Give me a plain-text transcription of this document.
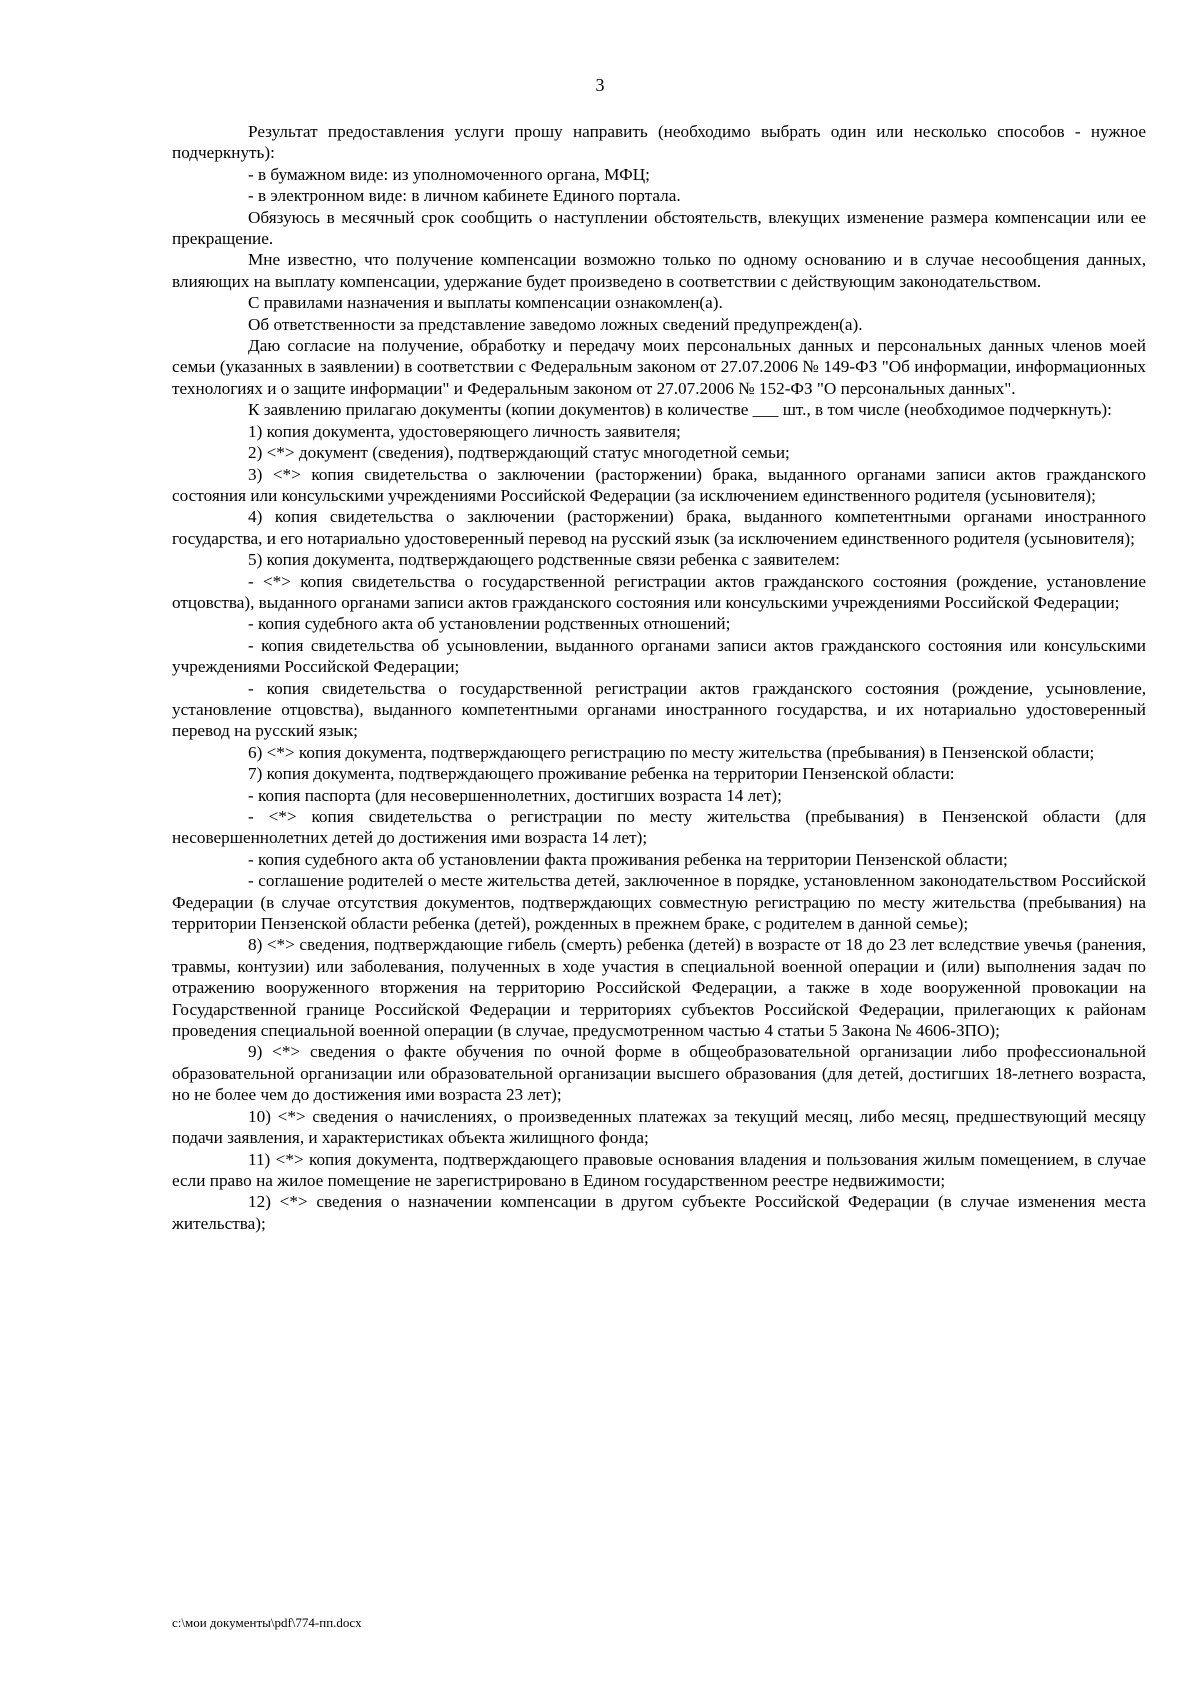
3

Результат предоставления услуги прошу направить (необходимо выбрать один или несколько способов - нужное подчеркнуть):

- в бумажном виде: из уполномоченного органа, МФЦ;

- в электронном виде: в личном кабинете Единого портала.

Обязуюсь в месячный срок сообщить о наступлении обстоятельств, влекущих изменение размера компенсации или ее прекращение.

Мне известно, что получение компенсации возможно только по одному основанию и в случае несообщения данных, влияющих на выплату компенсации, удержание будет произведено в соответствии с действующим законодательством.

С правилами назначения и выплаты компенсации ознакомлен(а).

Об ответственности за представление заведомо ложных сведений предупрежден(а).

Даю согласие на получение, обработку и передачу моих персональных данных и персональных данных членов моей семьи (указанных в заявлении) в соответствии с Федеральным законом от 27.07.2006 № 149-ФЗ "Об информации, информационных технологиях и о защите информации" и Федеральным законом от 27.07.2006 № 152-ФЗ "О персональных данных".

К заявлению прилагаю документы (копии документов) в количестве ___ шт., в том числе (необходимое подчеркнуть):

1) копия документа, удостоверяющего личность заявителя;

2) <*> документ (сведения), подтверждающий статус многодетной семьи;

3) <*> копия свидетельства о заключении (расторжении) брака, выданного органами записи актов гражданского состояния или консульскими учреждениями Российской Федерации (за исключением единственного родителя (усыновителя);

4) копия свидетельства о заключении (расторжении) брака, выданного компетентными органами иностранного государства, и его нотариально удостоверенный перевод на русский язык (за исключением единственного родителя (усыновителя);

5) копия документа, подтверждающего родственные связи ребенка с заявителем:

- <*> копия свидетельства о государственной регистрации актов гражданского состояния (рождение, установление отцовства), выданного органами записи актов гражданского состояния или консульскими учреждениями Российской Федерации;

- копия судебного акта об установлении родственных отношений;

- копия свидетельства об усыновлении, выданного органами записи актов гражданского состояния или консульскими учреждениями Российской Федерации;

- копия свидетельства о государственной регистрации актов гражданского состояния (рождение, усыновление, установление отцовства), выданного компетентными органами иностранного государства, и их нотариально удостоверенный перевод на русский язык;

6) <*> копия документа, подтверждающего регистрацию по месту жительства (пребывания) в Пензенской области;

7) копия документа, подтверждающего проживание ребенка на территории Пензенской области:

- копия паспорта (для несовершеннолетних, достигших возраста 14 лет);

- <*> копия свидетельства о регистрации по месту жительства (пребывания) в Пензенской области (для несовершеннолетних детей до достижения ими возраста 14 лет);

- копия судебного акта об установлении факта проживания ребенка на территории Пензенской области;

- соглашение родителей о месте жительства детей, заключенное в порядке, установленном законодательством Российской Федерации (в случае отсутствия документов, подтверждающих совместную регистрацию по месту жительства (пребывания) на территории Пензенской области ребенка (детей), рожденных в прежнем браке, с родителем в данной семье);

8) <*> сведения, подтверждающие гибель (смерть) ребенка (детей) в возрасте от 18 до 23 лет вследствие увечья (ранения, травмы, контузии) или заболевания, полученных в ходе участия в специальной военной операции и (или) выполнения задач по отражению вооруженного вторжения на территорию Российской Федерации, а также в ходе вооруженной провокации на Государственной границе Российской Федерации и территориях субъектов Российской Федерации, прилегающих к районам проведения специальной военной операции (в случае, предусмотренном частью 4 статьи 5 Закона № 4606-ЗПО);

9) <*> сведения о факте обучения по очной форме в общеобразовательной организации либо профессиональной образовательной организации или образовательной организации высшего образования (для детей, достигших 18-летнего возраста, но не более чем до достижения ими возраста 23 лет);

10) <*> сведения о начислениях, о произведенных платежах за текущий месяц, либо месяц, предшествующий месяцу подачи заявления, и характеристиках объекта жилищного фонда;

11) <*> копия документа, подтверждающего правовые основания владения и пользования жилым помещением, в случае если право на жилое помещение не зарегистрировано в Едином государственном реестре недвижимости;

12) <*> сведения о назначении компенсации в другом субъекте Российской Федерации (в случае изменения места жительства);

c:\мои документы\pdf\774-пп.docx
